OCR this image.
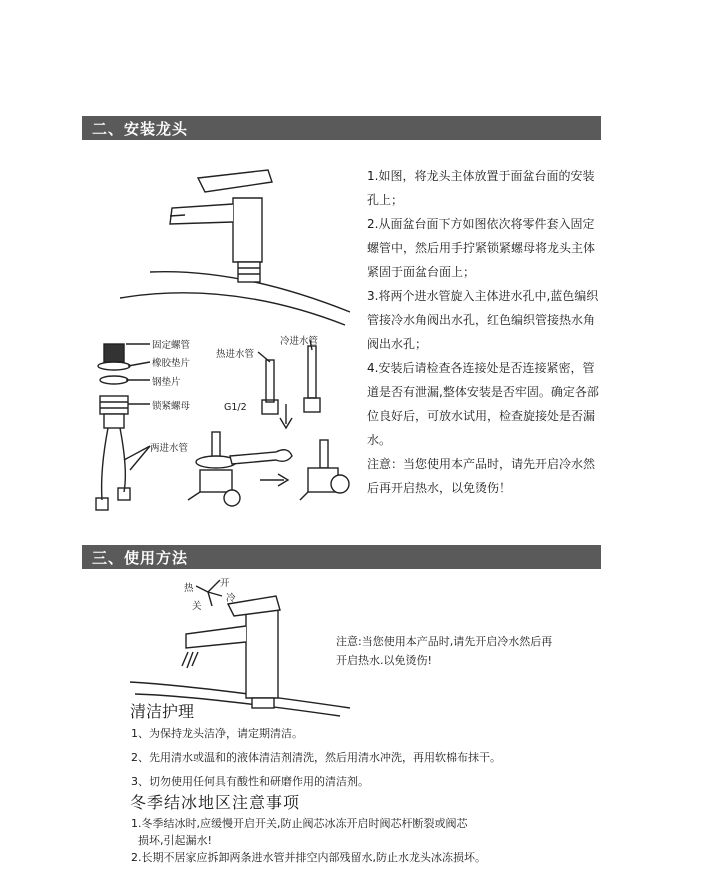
二、安装龙头
固定螺管
橡胶垫片
钢垫片
锁紧螺母
两进水管
热进水管
冷进水管
G1/2

1.如图，将龙头主体放置于面盆台面的安装孔上；

2.从面盆台面下方如图依次将零件套入固定螺管中，然后用手拧紧锁紧螺母将龙头主体紧固于面盆台面上；

3.将两个进水管旋入主体进水孔中,蓝色编织管接冷水角阀出水孔，红色编织管接热水角阀出水孔；

4.安装后请检查各连接处是否连接紧密，管道是否有泄漏,整体安装是否牢固。确定各部位良好后，可放水试用，检查旋接处是否漏水。

注意：当您使用本产品时，请先开启冷水然后再开启热水，以免烫伤！

三、使用方法
热	开
关
冷

注意:当您使用本产品时,请先开启冷水然后再

开启热水.以免烫伤!

清洁护理

1、为保持龙头洁净，请定期清洁。

2、先用清水或温和的液体清洁剂清洗，然后用清水冲洗，再用软棉布抹干。

3、切勿使用任何具有酸性和研磨作用的清洁剂。

冬季结冰地区注意事项

1.冬季结冰时,应缓慢开启开关,防止阀芯冰冻开启时阀芯杆断裂或阀芯

损坏,引起漏水!

2.长期不居家应拆卸两条进水管并排空内部残留水,防止水龙头冰冻损坏。
